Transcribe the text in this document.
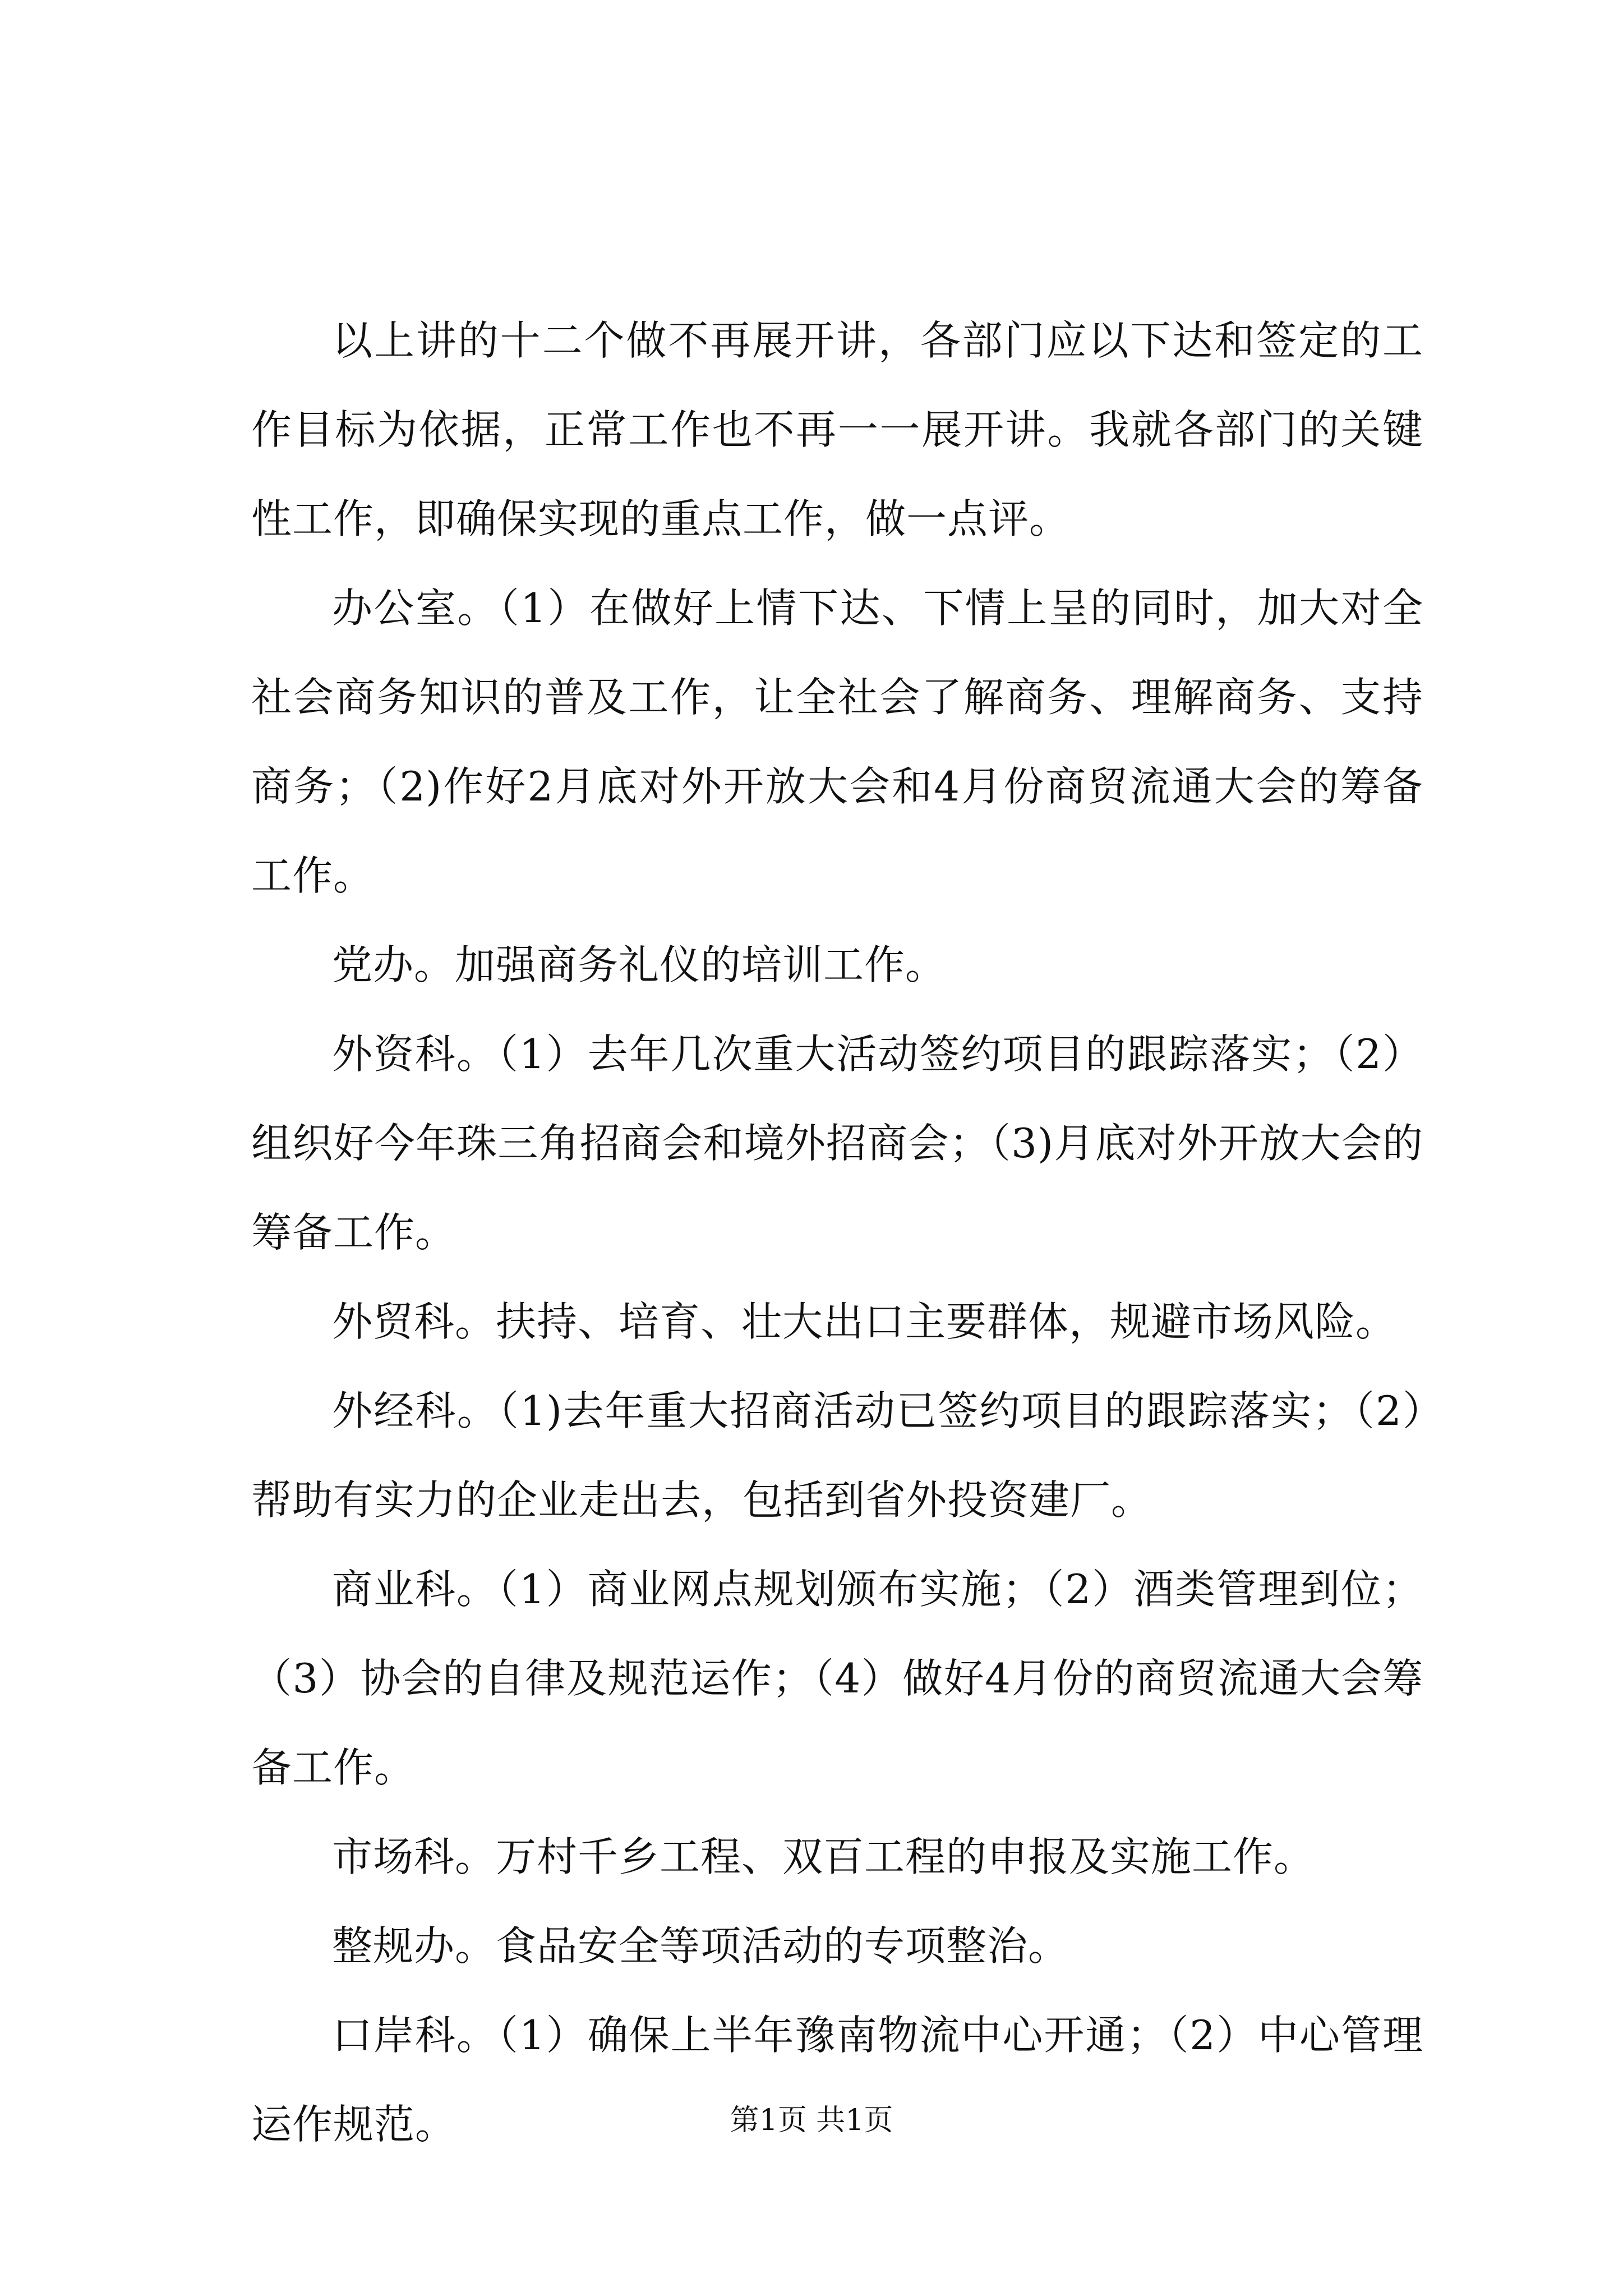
以上讲的十二个做不再展开讲，各部门应以下达和签定的工作目标为依据，正常工作也不再一一展开讲。我就各部门的关键性工作，即确保实现的重点工作，做一点评。

办公室。（1）在做好上情下达、下情上呈的同时，加大对全社会商务知识的普及工作，让全社会了解商务、理解商务、支持商务；（2)作好2月底对外开放大会和4月份商贸流通大会的筹备工作。

党办。加强商务礼仪的培训工作。

外资科。（1）去年几次重大活动签约项目的跟踪落实；（2）组织好今年珠三角招商会和境外招商会；（3)月底对外开放大会的筹备工作。

外贸科。扶持、培育、壮大出口主要群体，规避市场风险。

外经科。（1)去年重大招商活动已签约项目的跟踪落实；（2）帮助有实力的企业走出去，包括到省外投资建厂。

商业科。（1）商业网点规划颁布实施；（2）酒类管理到位；（3）协会的自律及规范运作；（4）做好4月份的商贸流通大会筹备工作。

市场科。万村千乡工程、双百工程的申报及实施工作。

整规办。食品安全等项活动的专项整治。

口岸科。（1）确保上半年豫南物流中心开通；（2）中心管理运作规范。	第1页 共1页
